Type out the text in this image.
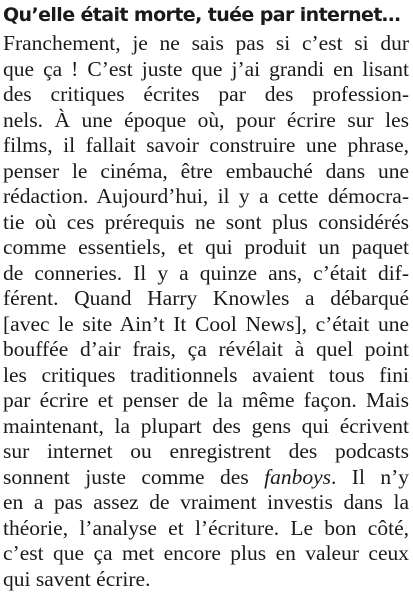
Qu’elle était morte, tuée par internet…

Franchement, je ne sais pas si c’est si dur
que ça ! C’est juste que j’ai grandi en lisant
des critiques écrites par des profession-
nels. À une époque où, pour écrire sur les
films, il fallait savoir construire une phrase,
penser le cinéma, être embauché dans une
rédaction. Aujourd’hui, il y a cette démocra-
tie où ces prérequis ne sont plus considérés
comme essentiels, et qui produit un paquet
de conneries. Il y a quinze ans, c’était dif-
férent. Quand Harry Knowles a débarqué
[avec le site Ain’t It Cool News], c’était une
bouffée d’air frais, ça révélait à quel point
les critiques traditionnels avaient tous fini
par écrire et penser de la même façon. Mais
maintenant, la plupart des gens qui écrivent
sur internet ou enregistrent des podcasts
sonnent juste comme des fanboys. Il n’y
en a pas assez de vraiment investis dans la
théorie, l’analyse et l’écriture. Le bon côté,
c’est que ça met encore plus en valeur ceux
qui savent écrire.
